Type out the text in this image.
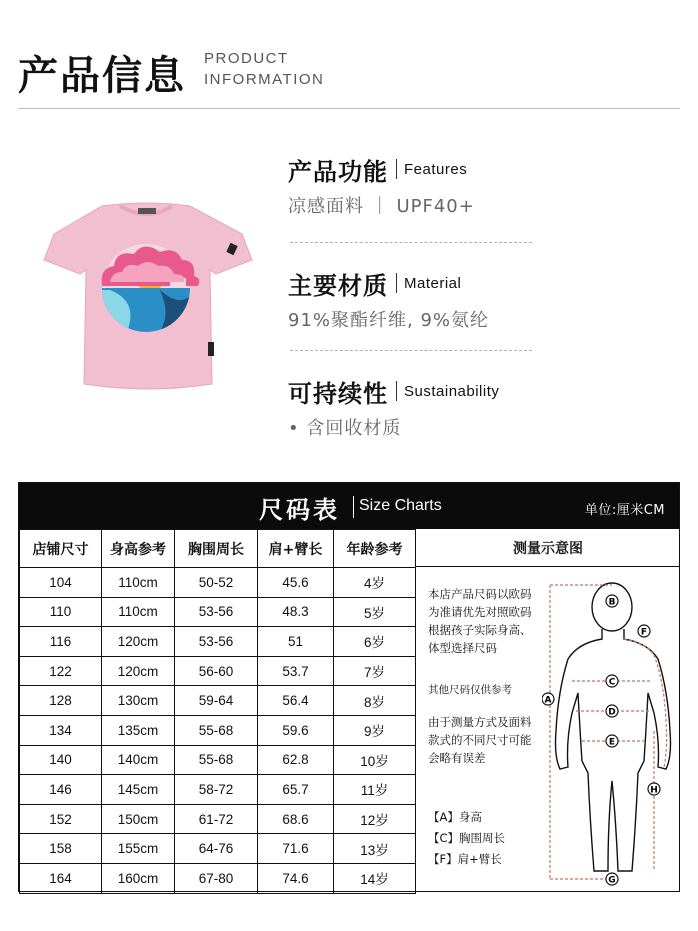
产品信息 PRODUCT
INFORMATION
产品功能 Features
凉感面料 ｜ UPF40+
主要材质 Material
91%聚酯纤维, 9%氨纶
可持续性 Sustainability
• 含回收材质
尺码表 Size Charts	单位:厘米CM
店铺尺寸	身高参考	胸围周长	肩+臂长	年龄参考
104	110cm	50-52	45.6	4岁
110	110cm	53-56	48.3	5岁
116	120cm	53-56	51	6岁
122	120cm	56-60	53.7	7岁
128	130cm	59-64	56.4	8岁
134	135cm	55-68	59.6	9岁
140	140cm	55-68	62.8	10岁
146	145cm	58-72	65.7	11岁
152	150cm	61-72	68.6	12岁
158	155cm	64-76	71.6	13岁
164	160cm	67-80	74.6	14岁
测量示意图
本店产品尺码以欧码
为准请优先对照欧码
根据孩子实际身高、
体型选择尺码
其他尺码仅供参考
由于测量方式及面料
款式的不同尺寸可能
会略有误差
【A】身高
【C】胸围周长
【F】肩+臂长
A
B
C
D
E
F
G
H
